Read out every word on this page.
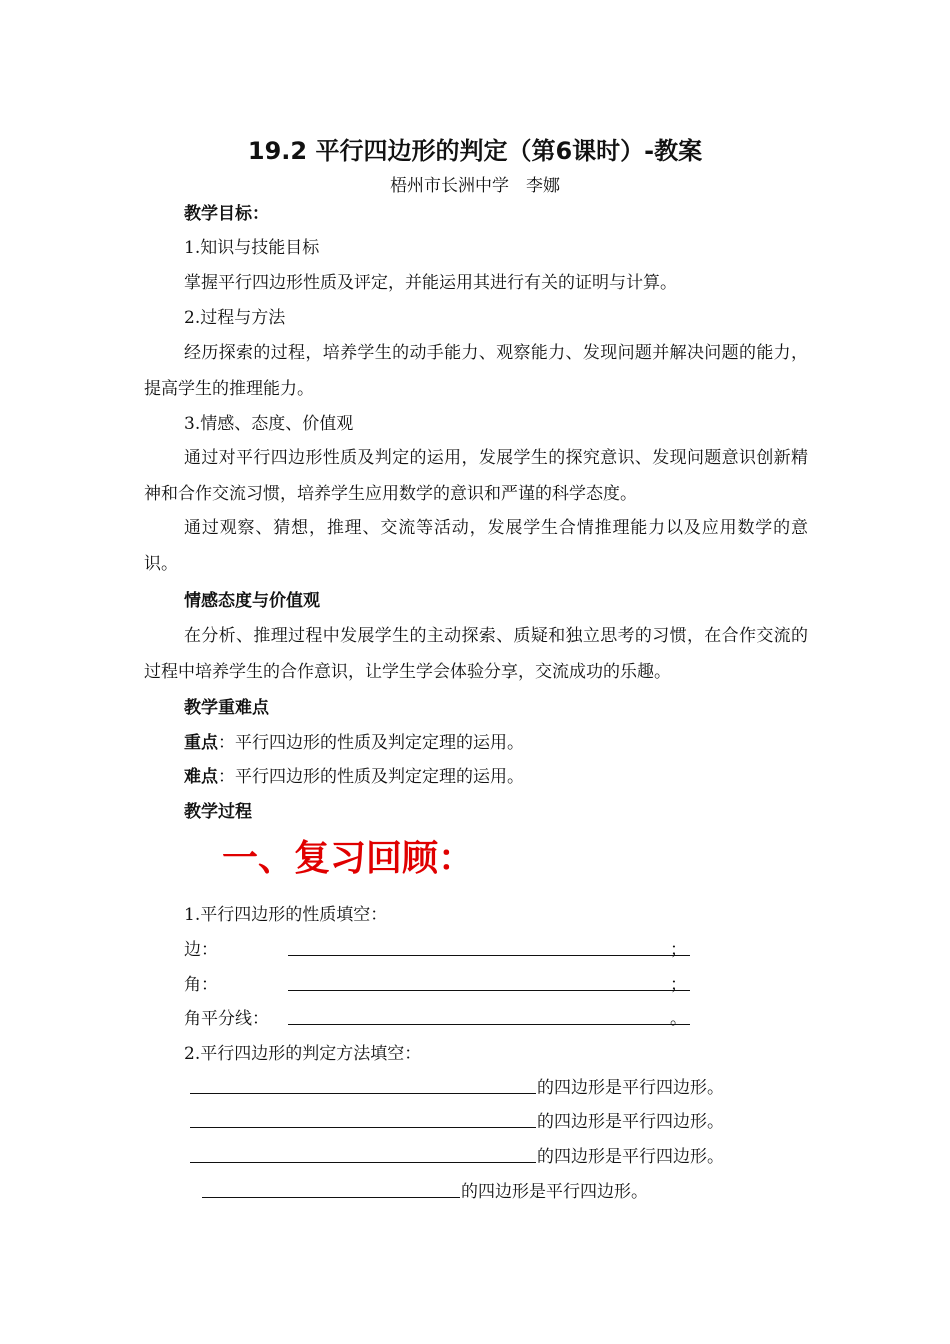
19.2 平行四边形的判定（第6课时）-教案
梧州市长洲中学　李娜
教学目标：
1.知识与技能目标
掌握平行四边形性质及评定，并能运用其进行有关的证明与计算。
2.过程与方法
经历探索的过程，培养学生的动手能力、观察能力、发现问题并解决问题的能力，提高学生的推理能力。
3.情感、态度、价值观
通过对平行四边形性质及判定的运用，发展学生的探究意识、发现问题意识创新精神和合作交流习惯，培养学生应用数学的意识和严谨的科学态度。
通过观察、猜想，推理、交流等活动，发展学生合情推理能力以及应用数学的意识。
情感态度与价值观
在分析、推理过程中发展学生的主动探索、质疑和独立思考的习惯，在合作交流的过程中培养学生的合作意识，让学生学会体验分享，交流成功的乐趣。
教学重难点
重点：平行四边形的性质及判定定理的运用。
难点：平行四边形的性质及判定定理的运用。
教学过程
一、复习回顾：
1.平行四边形的性质填空：
边：	；
角：	；
角平分线：	。
2.平行四边形的判定方法填空：
的四边形是平行四边形。
的四边形是平行四边形。
的四边形是平行四边形。
的四边形是平行四边形。
